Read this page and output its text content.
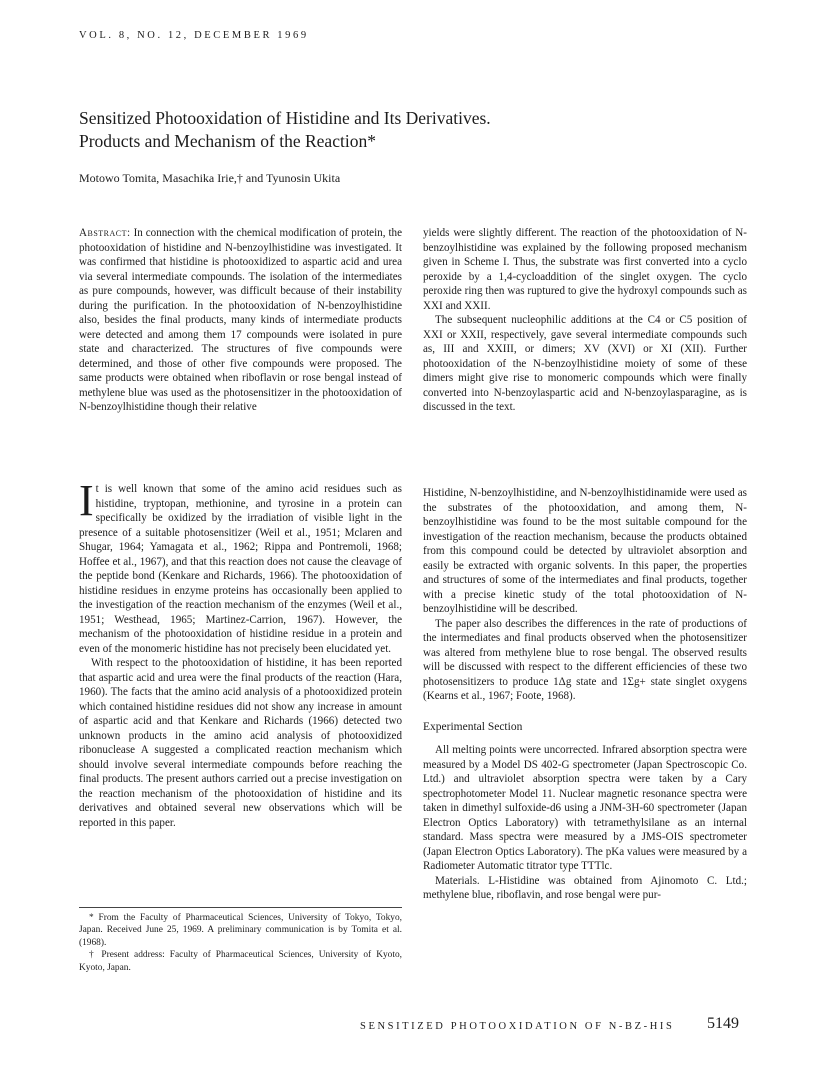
VOL. 8, NO. 12, DECEMBER 1969
Sensitized Photooxidation of Histidine and Its Derivatives.
Products and Mechanism of the Reaction*
Motowo Tomita, Masachika Irie,† and Tyunosin Ukita

Abstract: In connection with the chemical modification of protein, the photooxidation of histidine and N-benzoylhistidine was investigated. It was confirmed that histidine is photooxidized to aspartic acid and urea via several intermediate compounds. The isolation of the intermediates as pure compounds, however, was difficult because of their instability during the purification. In the photooxidation of N-benzoylhistidine also, besides the final products, many kinds of intermediate products were detected and among them 17 compounds were isolated in pure state and characterized. The structures of five compounds were determined, and those of other five compounds were proposed. The same products were obtained when riboflavin or rose bengal instead of methylene blue was used as the photosensitizer in the photooxidation of N-benzoylhistidine though their relative

yields were slightly different. The reaction of the photooxidation of N-benzoylhistidine was explained by the following proposed mechanism given in Scheme I. Thus, the substrate was first converted into a cyclo peroxide by a 1,4-cycloaddition of the singlet oxygen. The cyclo peroxide ring then was ruptured to give the hydroxyl compounds such as XXI and XXII.

The subsequent nucleophilic additions at the C4 or C5 position of XXI or XXII, respectively, gave several intermediate compounds such as, III and XXIII, or dimers; XV (XVI) or XI (XII). Further photooxidation of the N-benzoylhistidine moiety of some of these dimers might give rise to monomeric compounds which were finally converted into N-benzoylaspartic acid and N-benzoylasparagine, as is discussed in the text.

It is well known that some of the amino acid residues such as histidine, tryptopan, methionine, and tyrosine in a protein can specifically be oxidized by the irradiation of visible light in the presence of a suitable photosensitizer (Weil et al., 1951; Mclaren and Shugar, 1964; Yamagata et al., 1962; Rippa and Pontremoli, 1968; Hoffee et al., 1967), and that this reaction does not cause the cleavage of the peptide bond (Kenkare and Richards, 1966). The photooxidation of histidine residues in enzyme proteins has occasionally been applied to the investigation of the reaction mechanism of the enzymes (Weil et al., 1951; Westhead, 1965; Martinez-Carrion, 1967). However, the mechanism of the photooxidation of histidine residue in a protein and even of the monomeric histidine has not precisely been elucidated yet.

With respect to the photooxidation of histidine, it has been reported that aspartic acid and urea were the final products of the reaction (Hara, 1960). The facts that the amino acid analysis of a photooxidized protein which contained histidine residues did not show any increase in amount of aspartic acid and that Kenkare and Richards (1966) detected two unknown products in the amino acid analysis of photooxidized ribonuclease A suggested a complicated reaction mechanism which should involve several intermediate compounds before reaching the final products. The present authors carried out a precise investigation on the reaction mechanism of the photooxidation of histidine and its derivatives and obtained several new observations which will be reported in this paper.

* From the Faculty of Pharmaceutical Sciences, University of Tokyo, Tokyo, Japan. Received June 25, 1969. A preliminary communication is by Tomita et al. (1968).

† Present address: Faculty of Pharmaceutical Sciences, University of Kyoto, Kyoto, Japan.

Histidine, N-benzoylhistidine, and N-benzoylhistidinamide were used as the substrates of the photooxidation, and among them, N-benzoylhistidine was found to be the most suitable compound for the investigation of the reaction mechanism, because the products obtained from this compound could be detected by ultraviolet absorption and easily be extracted with organic solvents. In this paper, the properties and structures of some of the intermediates and final products, together with a precise kinetic study of the total photooxidation of N-benzoylhistidine will be described.

The paper also describes the differences in the rate of productions of the intermediates and final products observed when the photosensitizer was altered from methylene blue to rose bengal. The observed results will be discussed with respect to the different efficiencies of these two photosensitizers to produce 1Δg state and 1Σg+ state singlet oxygens (Kearns et al., 1967; Foote, 1968).

Experimental Section

All melting points were uncorrected. Infrared absorption spectra were measured by a Model DS 402-G spectrometer (Japan Spectroscopic Co. Ltd.) and ultraviolet absorption spectra were taken by a Cary spectrophotometer Model 11. Nuclear magnetic resonance spectra were taken in dimethyl sulfoxide-d6 using a JNM-3H-60 spectrometer (Japan Electron Optics Laboratory) with tetramethylsilane as an internal standard. Mass spectra were measured by a JMS-OIS spectrometer (Japan Electron Optics Laboratory). The pKa values were measured by a Radiometer Automatic titrator type TTTlc.

Materials. L-Histidine was obtained from Ajinomoto C. Ltd.; methylene blue, riboflavin, and rose bengal were pur-

SENSITIZED PHOTOOXIDATION OF N-BZ-HIS 5149
